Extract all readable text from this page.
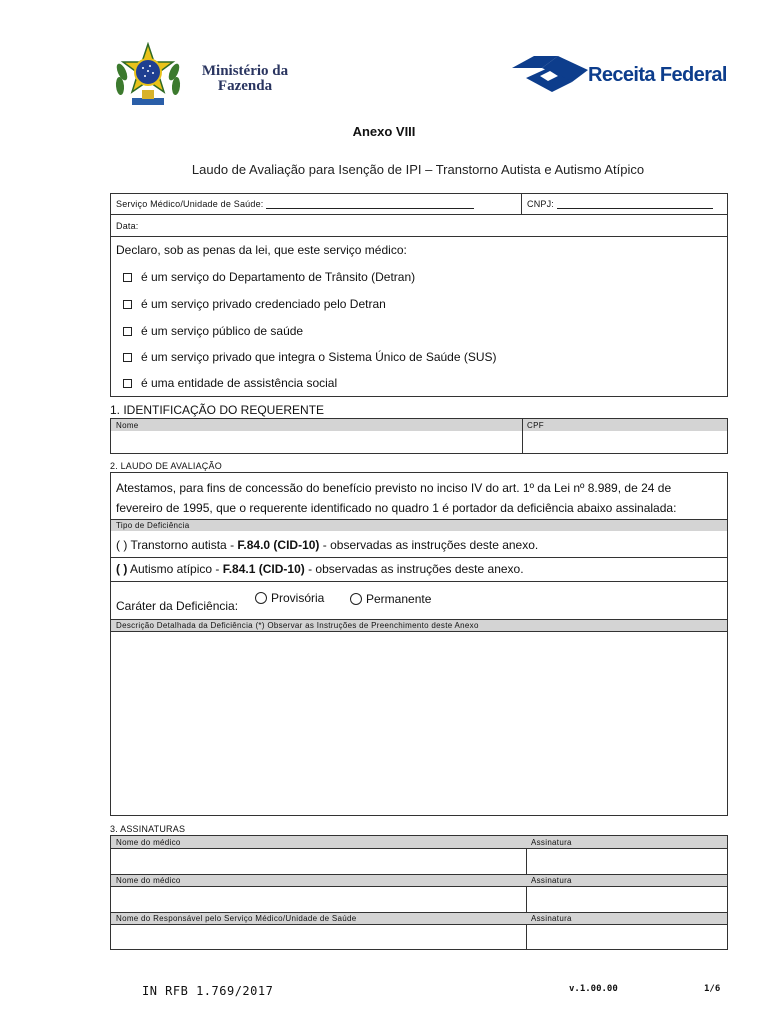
Ministério da
Fazenda	Receita Federal
Anexo VIII
Laudo de Avaliação para Isenção de IPI – Transtorno Autista e Autismo Atípico
Serviço Médico/Unidade de Saúde:	CNPJ:
Data:
Declaro, sob as penas da lei, que este serviço médico:
é um serviço do Departamento de Trânsito (Detran)
é um serviço privado credenciado pelo Detran
é um serviço público de saúde
é um serviço privado que integra o Sistema Único de Saúde (SUS)
é uma entidade de assistência social
1. IDENTIFICAÇÃO DO REQUERENTE
Nome	CPF
2. LAUDO DE AVALIAÇÃO
Atestamos, para fins de concessão do benefício previsto no inciso IV do art. 1º da Lei nº 8.989, de 24 de
fevereiro de 1995, que o requerente identificado no quadro 1 é portador da deficiência abaixo assinalada:
Tipo de Deficiência
( ) Transtorno autista - F.84.0 (CID-10) - observadas as instruções deste anexo.
( ) Autismo atípico - F.84.1 (CID-10) - observadas as instruções deste anexo.
Caráter da Deficiência:
Provisória	Permanente
Descrição Detalhada da Deficiência (*) Observar as Instruções de Preenchimento deste Anexo
3. ASSINATURAS
Nome do médico	Assinatura
Nome do médico	Assinatura
Nome do Responsável pelo Serviço Médico/Unidade de Saúde	Assinatura
IN RFB 1.769/2017	v.1.00.00	1/6
